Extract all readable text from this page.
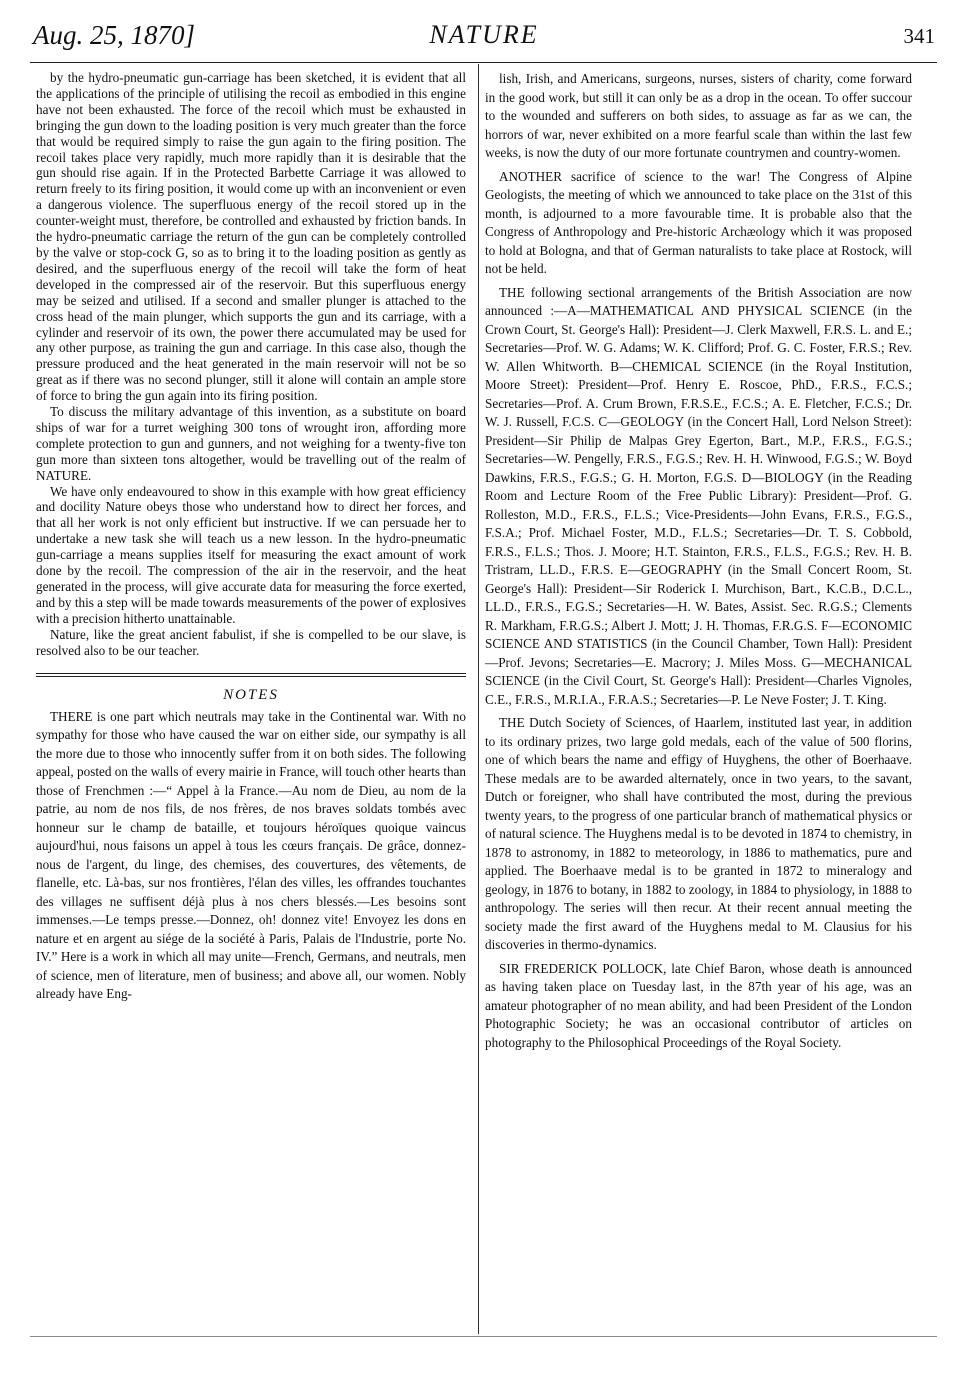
Aug. 25, 1870]	NATURE	341

by the hydro-pneumatic gun-carriage has been sketched, it is evident that all the applications of the principle of utilising the recoil as embodied in this engine have not been exhausted. The force of the recoil which must be exhausted in bringing the gun down to the loading position is very much greater than the force that would be required simply to raise the gun again to the firing position. The recoil takes place very rapidly, much more rapidly than it is desirable that the gun should rise again. If in the Protected Barbette Carriage it was allowed to return freely to its firing position, it would come up with an inconvenient or even a dangerous violence. The superfluous energy of the recoil stored up in the counter-weight must, therefore, be controlled and exhausted by friction bands. In the hydro-pneumatic carriage the return of the gun can be completely controlled by the valve or stop-cock G, so as to bring it to the loading position as gently as desired, and the superfluous energy of the recoil will take the form of heat developed in the compressed air of the reservoir. But this superfluous energy may be seized and utilised. If a second and smaller plunger is attached to the cross head of the main plunger, which supports the gun and its carriage, with a cylinder and reservoir of its own, the power there accumulated may be used for any other purpose, as training the gun and carriage. In this case also, though the pressure produced and the heat generated in the main reservoir will not be so great as if there was no second plunger, still it alone will contain an ample store of force to bring the gun again into its firing position.

To discuss the military advantage of this invention, as a substitute on board ships of war for a turret weighing 300 tons of wrought iron, affording more complete protection to gun and gunners, and not weighing for a twenty-five ton gun more than sixteen tons altogether, would be travelling out of the realm of NATURE.

We have only endeavoured to show in this example with how great efficiency and docility Nature obeys those who understand how to direct her forces, and that all her work is not only efficient but instructive. If we can persuade her to undertake a new task she will teach us a new lesson. In the hydro-pneumatic gun-carriage a means supplies itself for measuring the exact amount of work done by the recoil. The compression of the air in the reservoir, and the heat generated in the process, will give accurate data for measuring the force exerted, and by this a step will be made towards measurements of the power of explosives with a precision hitherto unattainable.

Nature, like the great ancient fabulist, if she is compelled to be our slave, is resolved also to be our teacher.

NOTES

THERE is one part which neutrals may take in the Continental war. With no sympathy for those who have caused the war on either side, our sympathy is all the more due to those who innocently suffer from it on both sides. The following appeal, posted on the walls of every mairie in France, will touch other hearts than those of Frenchmen :—“ Appel à la France.—Au nom de Dieu, au nom de la patrie, au nom de nos fils, de nos frères, de nos braves soldats tombés avec honneur sur le champ de bataille, et toujours héroïques quoique vaincus aujourd'hui, nous faisons un appel à tous les cœurs français. De grâce, donnez-nous de l'argent, du linge, des chemises, des couvertures, des vêtements, de flanelle, etc. Là-bas, sur nos frontières, l'élan des villes, les offrandes touchantes des villages ne suffisent déjà plus à nos chers blessés.—Les besoins sont immenses.—Le temps presse.—Donnez, oh! donnez vite! Envoyez les dons en nature et en argent au siége de la société à Paris, Palais de l'Industrie, porte No. IV.” Here is a work in which all may unite—French, Germans, and neutrals, men of science, men of literature, men of business; and above all, our women. Nobly already have Eng-

lish, Irish, and Americans, surgeons, nurses, sisters of charity, come forward in the good work, but still it can only be as a drop in the ocean. To offer succour to the wounded and sufferers on both sides, to assuage as far as we can, the horrors of war, never exhibited on a more fearful scale than within the last few weeks, is now the duty of our more fortunate countrymen and country-women.

ANOTHER sacrifice of science to the war! The Congress of Alpine Geologists, the meeting of which we announced to take place on the 31st of this month, is adjourned to a more favourable time. It is probable also that the Congress of Anthropology and Pre-historic Archæology which it was proposed to hold at Bologna, and that of German naturalists to take place at Rostock, will not be held.

THE following sectional arrangements of the British Association are now announced :—A—MATHEMATICAL AND PHYSICAL SCIENCE (in the Crown Court, St. George's Hall): President—J. Clerk Maxwell, F.R.S. L. and E.; Secretaries—Prof. W. G. Adams; W. K. Clifford; Prof. G. C. Foster, F.R.S.; Rev. W. Allen Whitworth. B—CHEMICAL SCIENCE (in the Royal Institution, Moore Street): President—Prof. Henry E. Roscoe, PhD., F.R.S., F.C.S.; Secretaries—Prof. A. Crum Brown, F.R.S.E., F.C.S.; A. E. Fletcher, F.C.S.; Dr. W. J. Russell, F.C.S. C—GEOLOGY (in the Concert Hall, Lord Nelson Street): President—Sir Philip de Malpas Grey Egerton, Bart., M.P., F.R.S., F.G.S.; Secretaries—W. Pengelly, F.R.S., F.G.S.; Rev. H. H. Winwood, F.G.S.; W. Boyd Dawkins, F.R.S., F.G.S.; G. H. Morton, F.G.S. D—BIOLOGY (in the Reading Room and Lecture Room of the Free Public Library): President—Prof. G. Rolleston, M.D., F.R.S., F.L.S.; Vice-Presidents—John Evans, F.R.S., F.G.S., F.S.A.; Prof. Michael Foster, M.D., F.L.S.; Secretaries—Dr. T. S. Cobbold, F.R.S., F.L.S.; Thos. J. Moore; H.T. Stainton, F.R.S., F.L.S., F.G.S.; Rev. H. B. Tristram, LL.D., F.R.S. E—GEOGRAPHY (in the Small Concert Room, St. George's Hall): President—Sir Roderick I. Murchison, Bart., K.C.B., D.C.L., LL.D., F.R.S., F.G.S.; Secretaries—H. W. Bates, Assist. Sec. R.G.S.; Clements R. Markham, F.R.G.S.; Albert J. Mott; J. H. Thomas, F.R.G.S. F—ECONOMIC SCIENCE AND STATISTICS (in the Council Chamber, Town Hall): President—Prof. Jevons; Secretaries—E. Macrory; J. Miles Moss. G—MECHANICAL SCIENCE (in the Civil Court, St. George's Hall): President—Charles Vignoles, C.E., F.R.S., M.R.I.A., F.R.A.S.; Secretaries—P. Le Neve Foster; J. T. King.

THE Dutch Society of Sciences, of Haarlem, instituted last year, in addition to its ordinary prizes, two large gold medals, each of the value of 500 florins, one of which bears the name and effigy of Huyghens, the other of Boerhaave. These medals are to be awarded alternately, once in two years, to the savant, Dutch or foreigner, who shall have contributed the most, during the previous twenty years, to the progress of one particular branch of mathematical physics or of natural science. The Huyghens medal is to be devoted in 1874 to chemistry, in 1878 to astronomy, in 1882 to meteorology, in 1886 to mathematics, pure and applied. The Boerhaave medal is to be granted in 1872 to mineralogy and geology, in 1876 to botany, in 1882 to zoology, in 1884 to physiology, in 1888 to anthropology. The series will then recur. At their recent annual meeting the society made the first award of the Huyghens medal to M. Clausius for his discoveries in thermo-dynamics.

SIR FREDERICK POLLOCK, late Chief Baron, whose death is announced as having taken place on Tuesday last, in the 87th year of his age, was an amateur photographer of no mean ability, and had been President of the London Photographic Society; he was an occasional contributor of articles on photography to the Philosophical Proceedings of the Royal Society.
